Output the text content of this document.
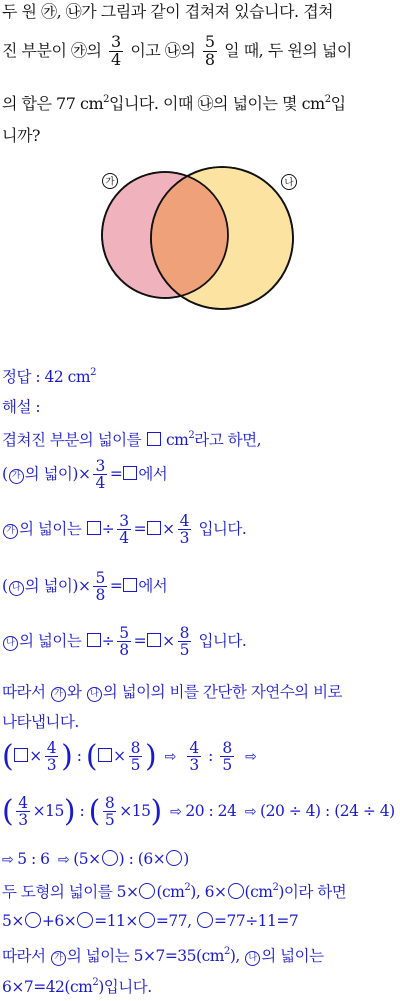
두 원 ㉮, ㉯가 그림과 같이 겹쳐져 있습니다. 겹쳐
진 부분이 ㉮의 $\frac{3}{4}$ 이고 ㉯의 $\frac{5}{8}$ 일 때, 두 원의 넓이
의 합은 77 $cm^2$입니다. 이때 ㉯의 넓이는 몇 $cm^2$입
니까?
가	나
정답 : 42 $cm^2$
해설 :
겹쳐진 부분의 넓이를 $cm^2$라고 하면,
( 가 의 넓이)× $\frac{3}{4}$ = 에서
가 의 넓이는 ÷ $\frac{3}{4}$ = × $\frac{4}{3}$ 입니다.
( 나 의 넓이)× $\frac{5}{8}$ = 에서
나 의 넓이는 ÷ $\frac{5}{8}$ = × $\frac{8}{5}$ 입니다.
따라서 가 와 나 의 넓이의 비를 간단한 자연수의 비로
나타냅니다.
( × $\frac{4}{3}$ ) : ( × $\frac{8}{5}$ ) ⇨ $\frac{4}{3}$ : $\frac{8}{5}$ ⇨
( $\frac{4}{3} \times 15$) : ( $\frac{8}{5} \times 15$) ⇨ 20 : 24 ⇨ (20 ÷ 4) : (24 ÷ 4)
⇨ 5 : 6 ⇨ (5× ) : (6× )
두 도형의 넓이를 $5\times (cm^2)$, $6\times (cm^2)$이라 하면
5× +6× =11× =77, =77÷11=7
따라서 가 의 넓이는 $5\times 7=35(cm^2)$, 나 의 넓이는
$6\times 7=42(cm^2)$입니다.
